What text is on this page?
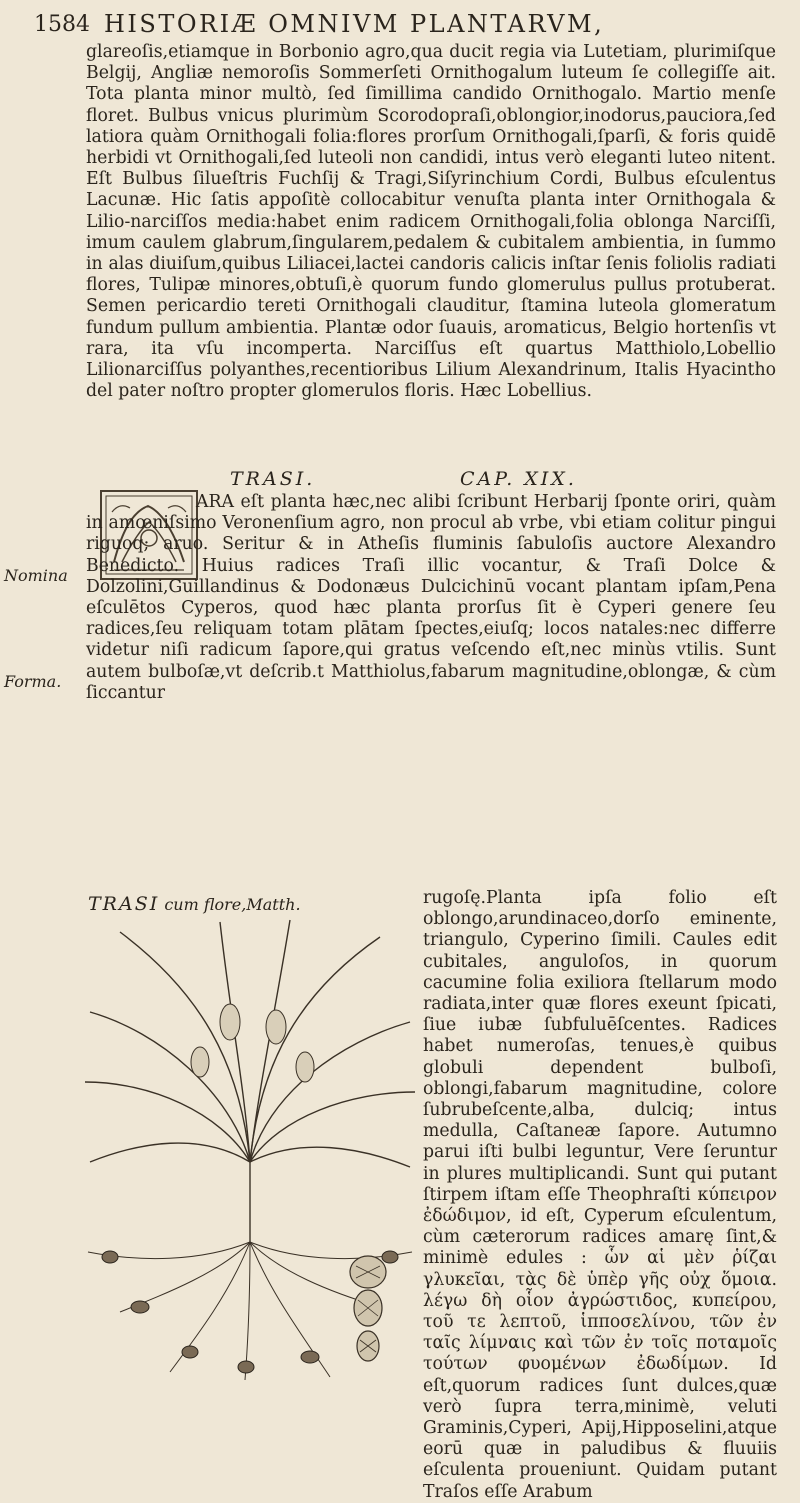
1584 HISTORIÆ OMNIVM PLANTARVM,

glareoſis,etiamque in Borbonio agro,qua ducit regia via Lutetiam, plurimiſque Belgij, Angliæ nemoroſis Sommerſeti Ornithogalum luteum ſe collegiſſe ait. Tota planta minor multò, ſed ſimillima candido Ornithogalo. Martio menſe floret. Bulbus vnicus plurimùm Scorodopraſi,oblongior,inodorus,pauciora,ſed latiora quàm Ornithogali folia:flores prorſum Ornithogali,ſparſi, & foris quidē herbidi vt Ornithogali,ſed luteoli non candidi, intus verò eleganti luteo nitent. Eſt Bulbus ſilueſtris Fuchſij & Tragi,Siſyrinchium Cordi, Bulbus eſculentus Lacunæ. Hic ſatis appoſitè collocabitur venuſta planta inter Ornithogala & Lilio-narciſſos media:habet enim radicem Ornithogali,folia oblonga Narciſſi, imum caulem glabrum,ſingularem,pedalem & cubitalem ambientia, in ſummo in alas diuiſum,quibus Liliacei,lactei candoris calicis inſtar ſenis foliolis radiati flores, Tulipæ minores,obtuſi,è quorum fundo glomerulus pullus protuberat. Semen pericardio tereti Ornithogali clauditur, ſtamina luteola glomeratum fundum pullum ambientia. Plantæ odor ſuauis, aromaticus, Belgio hortenſis vt rara, ita vſu incomperta. Narciſſus eſt quartus Matthiolo,Lobellio Lilionarciſſus polyanthes,recentioribus Lilium Alexandrinum, Italis Hyacintho del pater noſtro propter glomerulos floris. Hæc Lobellius.

TRASI.	CAP. XIX.

ARA eſt planta hæc,nec alibi ſcribunt Herbarij ſponte oriri, quàm in amœniſsimo Veronenſium agro, non procul ab vrbe, vbi etiam colitur pingui riguoq; aruo. Seritur & in Atheſis fluminis ſabuloſis auctore Alexandro Benedicto. Huius radices Traſi illic vocantur, & Traſi Dolce & Dolzolini,Guillandinus & Dodonæus Dulcichinū vocant plantam ipſam,Pena eſculētos Cyperos, quod hæc planta prorſus ſit è Cyperi genere ſeu radices,ſeu reliquam totam plātam ſpectes,eiuſq; locos natales:nec differre videtur niſi radicum ſapore,qui gratus veſcendo eſt,nec minùs vtilis. Sunt autem bulboſæ,vt deſcrib.t Matthiolus,fabarum magnitudine,oblongæ, & cùm ſiccantur

Nomina
Forma.
TRASI cum flore,Matth.	rugoſę.Planta ipſa folio eſt oblongo,arundinaceo,dorſo eminente, triangulo, Cyperino ſimili. Caules edit cubitales, anguloſos, in quorum cacumine folia exiliora ſtellarum modo radiata,inter quæ flores exeunt ſpicati, ſiue iubæ ſubfuluēſcentes. Radices habet numeroſas, tenues,è quibus globuli dependent bulboſi, oblongi,fabarum magnitudine, colore ſubrubeſcente,alba, dulciq; intus medulla, Caſtaneæ ſapore. Autumno parui iſti bulbi leguntur, Vere ſeruntur in plures multiplicandi. Sunt qui putant ſtirpem iſtam eſſe Theophraſti κύπειρον ἐδώδιμον, id eſt, Cyperum eſculentum, cùm cæterorum radices amarę ſint,& minimè edules : ὧν αἱ μὲν ῥίζαι γλυκεῖαι, τὰς δὲ ὑπὲρ γῆς οὐχ ὅμοια. λέγω δὴ οἷον ἀγρώστιδος, κυπείρου, τοῦ τε λεπτοῦ, ἱπποσελίνου, τῶν ἐν ταῖς λίμναις καὶ τῶν ἐν τοῖς ποταμοῖς τούτων φυομένων ἐδωδίμων. Id eſt,quorum radices ſunt dulces,quæ verò ſupra terra,minimè, veluti Graminis,Cyperi, Apij,Hipposelini,atque eorū quæ in paludibus & fluuiis eſculenta proueniunt. Quidam putant Traſos eſſe Arabum
